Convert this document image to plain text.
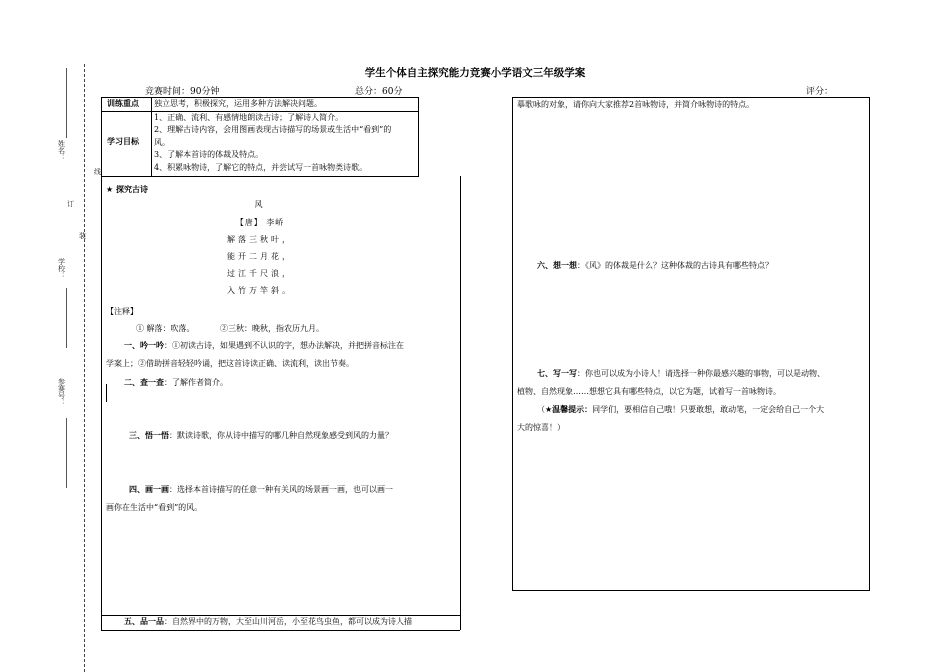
姓名：
线
订
装
学校：
参赛号：
学生个体自主探究能力竞赛小学语文三年级学案
竞赛时间：90分钟	总分：60分	评分：
训练重点 独立思考，积极探究，运用多种方法解决问题。
学习目标
1、正确、流利、有感情地朗读古诗；了解诗人简介。
2、理解古诗内容，会用图画表现古诗描写的场景或生活中“看到”的
风。
3、了解本首诗的体裁及特点。
4、积累咏物诗，了解它的特点，并尝试写一首咏物类诗歌。
★ 探究古诗
风
【唐】 李峤
解落三秋叶，
能开二月花，
过江千尺浪，
入竹万竿斜。
【注释】
① 解落：吹落。          ②三秋：晚秋，指农历九月。
一、吟一吟：①初读古诗，如果遇到不认识的字，想办法解决，并把拼音标注在
学案上；②借助拼音轻轻吟诵，把这首诗读正确、读流利，读出节奏。
二、查一查：了解作者简介。
三、悟一悟：默读诗歌，你从诗中描写的哪几种自然现象感受到风的力量？
四、画一画：选择本首诗描写的任意一种有关风的场景画一画，也可以画一
画你在生活中“看到”的风。
五、品一品：自然界中的万物，大至山川河岳，小至花鸟虫鱼，都可以成为诗人描
摹歌咏的对象，请你向大家推荐2首咏物诗，并简介咏物诗的特点。
六、想一想：《风》的体裁是什么？这种体裁的古诗具有哪些特点？
七、写一写：你也可以成为小诗人！请选择一种你最感兴趣的事物，可以是动物、
植物、自然现象……想想它具有哪些特点，以它为题，试着写一首咏物诗。
（★温馨提示：同学们，要相信自己哦！只要敢想，敢动笔，一定会给自己一个大
大的惊喜！）
